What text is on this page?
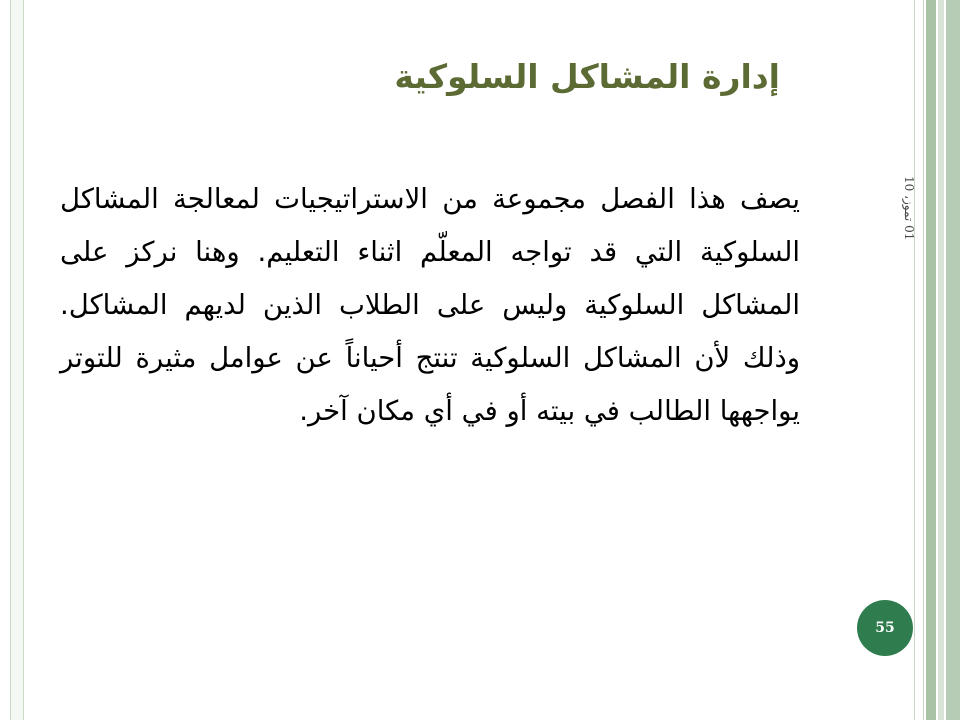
إدارة المشاكل السلوكية
يصف هذا الفصل مجموعة من الاستراتيجيات لمعالجة المشاكل السلوكية التي قد تواجه المعلّم اثناء التعليم. وهنا نركز على المشاكل السلوكية وليس على الطلاب الذين لديهم المشاكل. وذلك لأن المشاكل السلوكية تنتج أحياناً عن عوامل مثيرة للتوتر يواجهها الطالب في بيته أو في أي مكان آخر.
01 تموز، 10
55
